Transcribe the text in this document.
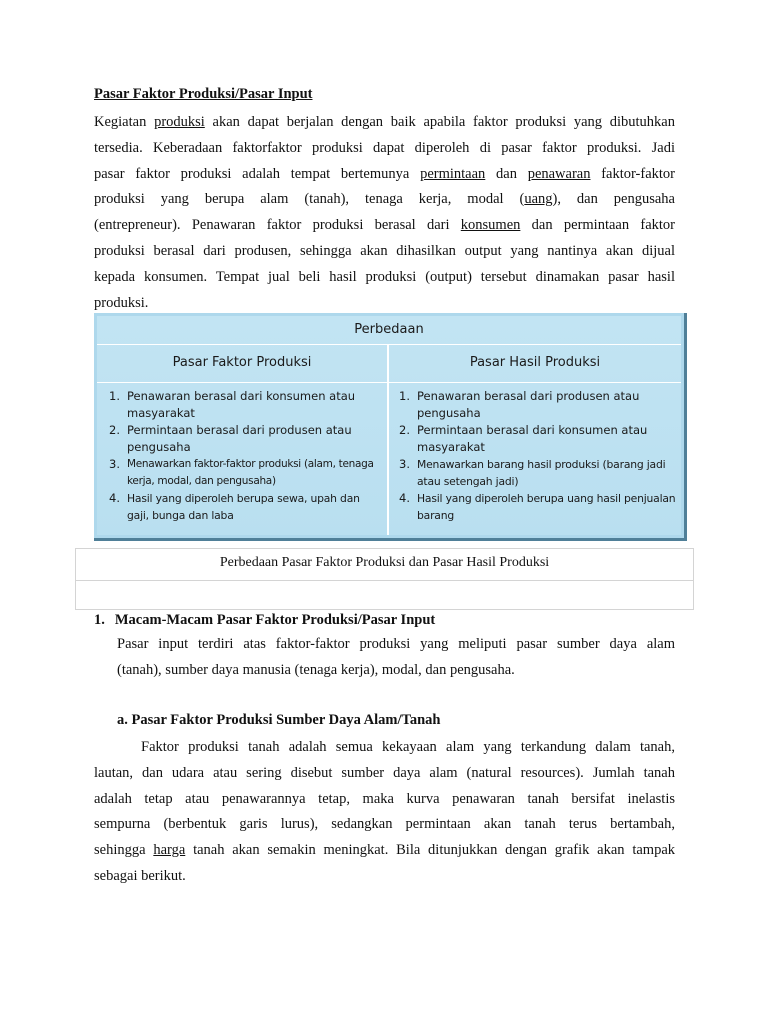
Pasar Faktor Produksi/Pasar Input
Kegiatan produksi akan dapat berjalan dengan baik apabila faktor produksi yang dibutuhkan
tersedia. Keberadaan faktorfaktor produksi dapat diperoleh di pasar faktor produksi. Jadi
pasar faktor produksi adalah tempat bertemunya permintaan dan penawaran faktor-faktor
produksi yang berupa alam (tanah), tenaga kerja, modal (uang), dan pengusaha
(entrepreneur). Penawaran faktor produksi berasal dari konsumen dan permintaan faktor
produksi berasal dari produsen, sehingga akan dihasilkan output yang nantinya akan dijual
kepada konsumen. Tempat jual beli hasil produksi (output) tersebut dinamakan pasar hasil
produksi.
Perbedaan
Pasar Faktor Produksi	Pasar Hasil Produksi
1. Penawaran berasal dari konsumen atau masyarakat
2. Permintaan berasal dari produsen atau pengusaha
3. Menawarkan faktor-faktor produksi (alam, tenaga kerja, modal, dan pengusaha)
4. Hasil yang diperoleh berupa sewa, upah dan gaji, bunga dan laba
1. Penawaran berasal dari produsen atau pengusaha
2. Permintaan berasal dari konsumen atau masyarakat
3. Menawarkan barang hasil produksi (barang jadi atau setengah jadi)
4. Hasil yang diperoleh berupa uang hasil penjualan barang
Perbedaan Pasar Faktor Produksi dan Pasar Hasil Produksi
1. Macam-Macam Pasar Faktor Produksi/Pasar Input
Pasar input terdiri atas faktor-faktor produksi yang meliputi pasar sumber daya alam
(tanah), sumber daya manusia (tenaga kerja), modal, dan pengusaha.
a. Pasar Faktor Produksi Sumber Daya Alam/Tanah
Faktor produksi tanah adalah semua kekayaan alam yang terkandung dalam tanah,
lautan, dan udara atau sering disebut sumber daya alam (natural resources). Jumlah tanah
adalah tetap atau penawarannya tetap, maka kurva penawaran tanah bersifat inelastis
sempurna (berbentuk garis lurus), sedangkan permintaan akan tanah terus bertambah,
sehingga harga tanah akan semakin meningkat. Bila ditunjukkan dengan grafik akan tampak
sebagai berikut.
